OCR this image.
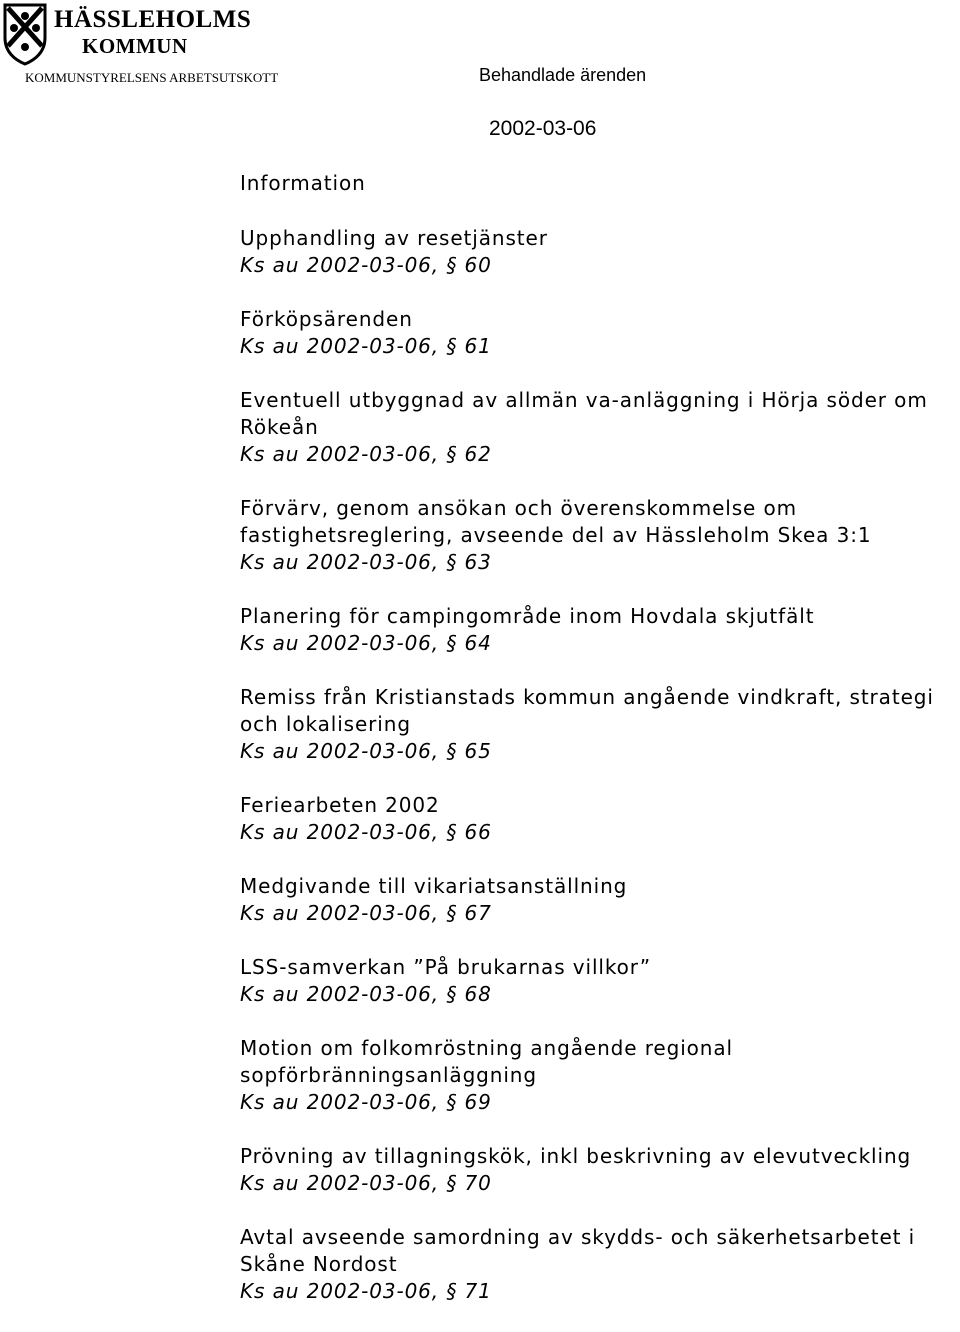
HÄSSLEHOLMS
KOMMUN
KOMMUNSTYRELSENS ARBETSUTSKOTT	Behandlade ärenden
2002-03-06
Information
Upphandling av resetjänster
Ks au 2002-03-06, § 60
Förköpsärenden
Ks au 2002-03-06, § 61
Eventuell utbyggnad av allmän va-anläggning i Hörja söder om
Rökeån
Ks au 2002-03-06, § 62
Förvärv, genom ansökan och överenskommelse om
fastighetsreglering, avseende del av Hässleholm Skea 3:1
Ks au 2002-03-06, § 63
Planering för campingområde inom Hovdala skjutfält
Ks au 2002-03-06, § 64
Remiss från Kristianstads kommun angående vindkraft, strategi
och lokalisering
Ks au 2002-03-06, § 65
Feriearbeten 2002
Ks au 2002-03-06, § 66
Medgivande till vikariatsanställning
Ks au 2002-03-06, § 67
LSS-samverkan ”På brukarnas villkor”
Ks au 2002-03-06, § 68
Motion om folkomröstning angående regional
sopförbränningsanläggning
Ks au 2002-03-06, § 69
Prövning av tillagningskök, inkl beskrivning av elevutveckling
Ks au 2002-03-06, § 70
Avtal avseende samordning av skydds- och säkerhetsarbetet i
Skåne Nordost
Ks au 2002-03-06, § 71
